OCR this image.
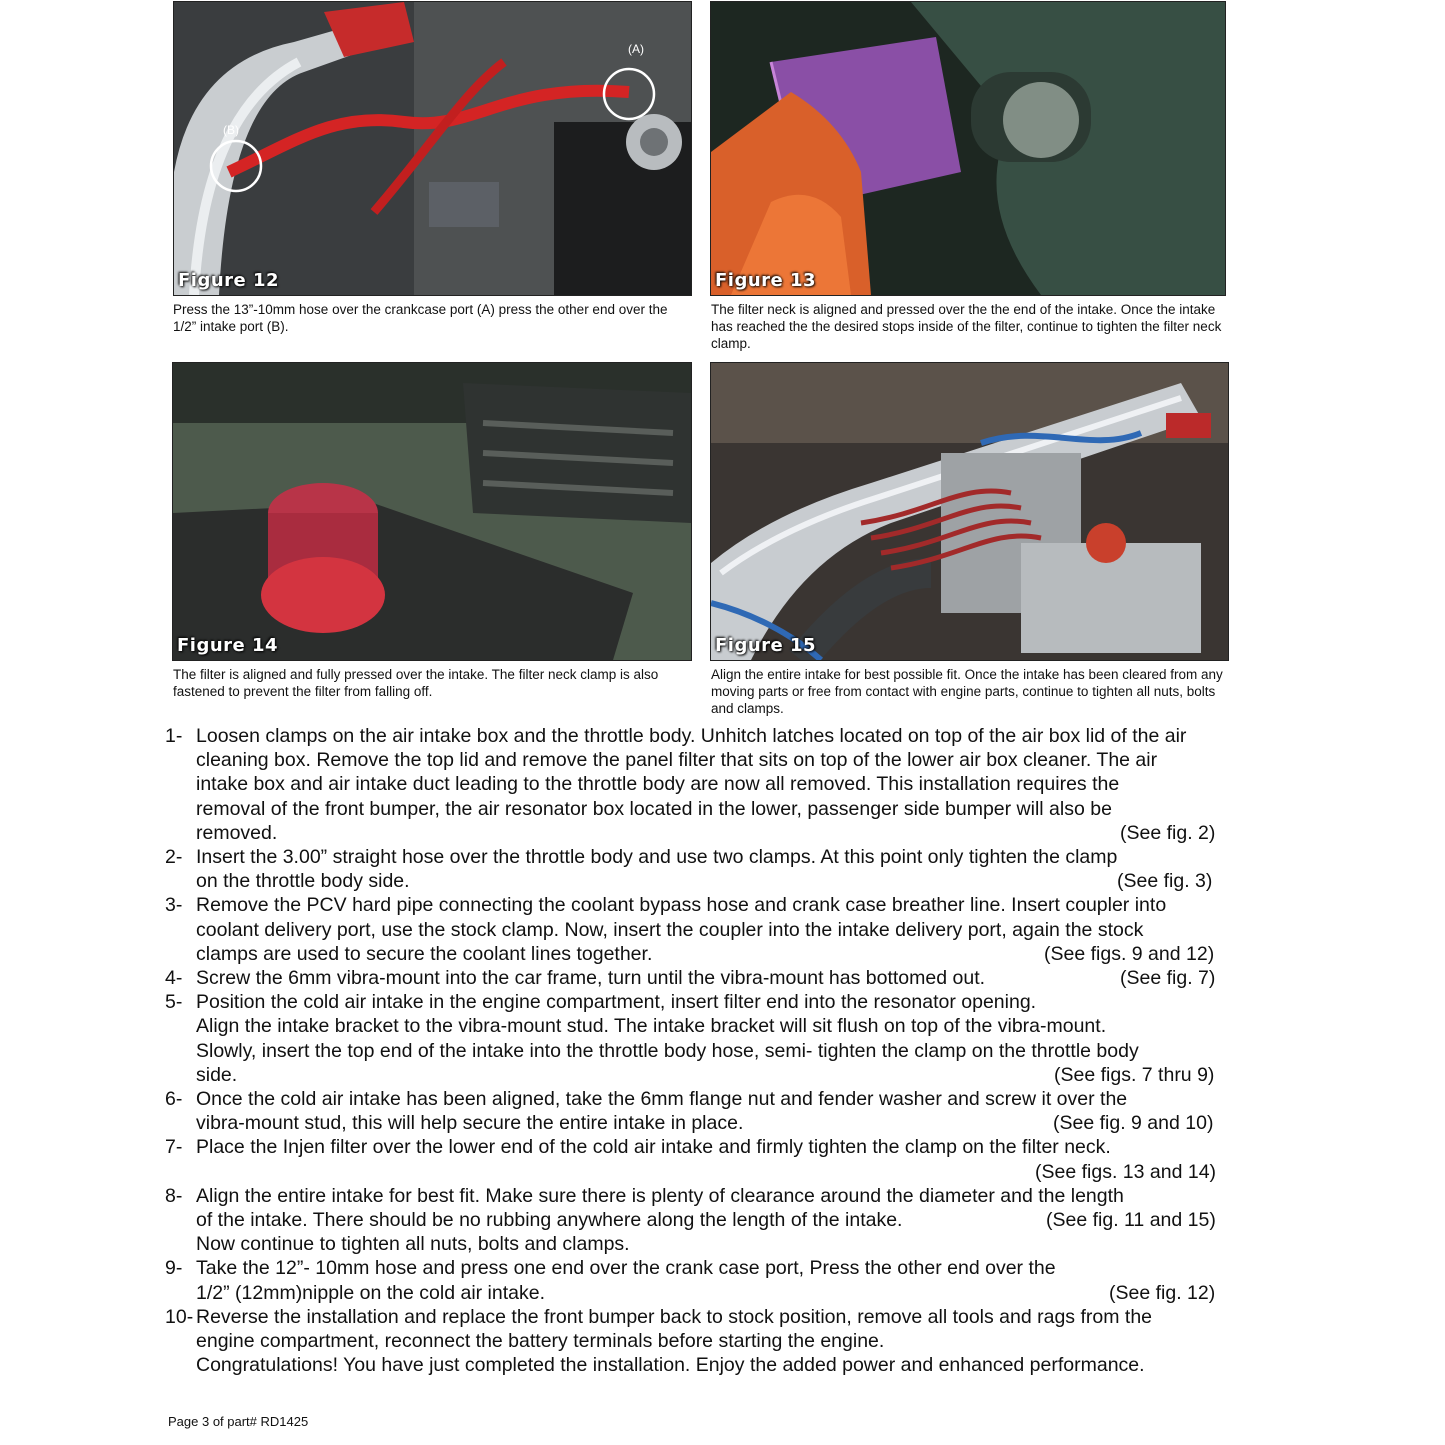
(A)
(B)
Figure 12

Press the 13”-10mm hose over the crankcase port (A) press the other end over the 1/2” intake port (B).

Figure 13

The filter neck is aligned and pressed over the the end of the intake. Once the intake has reached the the desired stops inside of the filter, continue to tighten the filter neck clamp.

Figure 14

The filter is aligned and fully pressed over the intake. The filter neck clamp is also fastened to prevent the filter from falling off.

Figure 15

Align the entire intake for best possible fit. Once the intake has been cleared from any moving parts or free from contact with engine parts, continue to tighten all nuts, bolts and clamps.

1- Loosen clamps on the air intake box and the throttle body. Unhitch latches located on top of the air box lid of the air
cleaning box. Remove the top lid and remove the panel filter that sits on top of the lower air box cleaner. The air
intake box and air intake duct leading to the throttle body are now all removed. This installation requires the
removal of the front bumper, the air resonator box located in the lower, passenger side bumper will also be
removed.	(See fig. 2)
2- Insert the 3.00” straight hose over the throttle body and use two clamps. At this point only tighten the clamp
on the throttle body side.	(See fig. 3)
3- Remove the PCV hard pipe connecting the coolant bypass hose and crank case breather line. Insert coupler into
coolant delivery port, use the stock clamp. Now, insert the coupler into the intake delivery port, again the stock
clamps are used to secure the coolant lines together.	(See figs. 9 and 12)
4- Screw the 6mm vibra-mount into the car frame, turn until the vibra-mount has bottomed out.	(See fig. 7)
5- Position the cold air intake in the engine compartment, insert filter end into the resonator opening.
Align the intake bracket to the vibra-mount stud. The intake bracket will sit flush on top of the vibra-mount.
Slowly, insert the top end of the intake into the throttle body hose, semi- tighten the clamp on the throttle body
side.	(See figs. 7 thru 9)
6- Once the cold air intake has been aligned, take the 6mm flange nut and fender washer and screw it over the
vibra-mount stud, this will help secure the entire intake in place.	(See fig. 9 and 10)
7- Place the Injen filter over the lower end of the cold air intake and firmly tighten the clamp on the filter neck.
(See figs. 13 and 14)
8- Align the entire intake for best fit. Make sure there is plenty of clearance around the diameter and the length
of the intake. There should be no rubbing anywhere along the length of the intake.	(See fig. 11 and 15)
Now continue to tighten all nuts, bolts and clamps.
9- Take the 12”- 10mm hose and press one end over the crank case port, Press the other end over the
1/2” (12mm)nipple on the cold air intake.	(See fig. 12)
10- Reverse the installation and replace the front bumper back to stock position, remove all tools and rags from the
engine compartment, reconnect the battery terminals before starting the engine.
Congratulations! You have just completed the installation. Enjoy the added power and enhanced performance.
Page 3 of part# RD1425
